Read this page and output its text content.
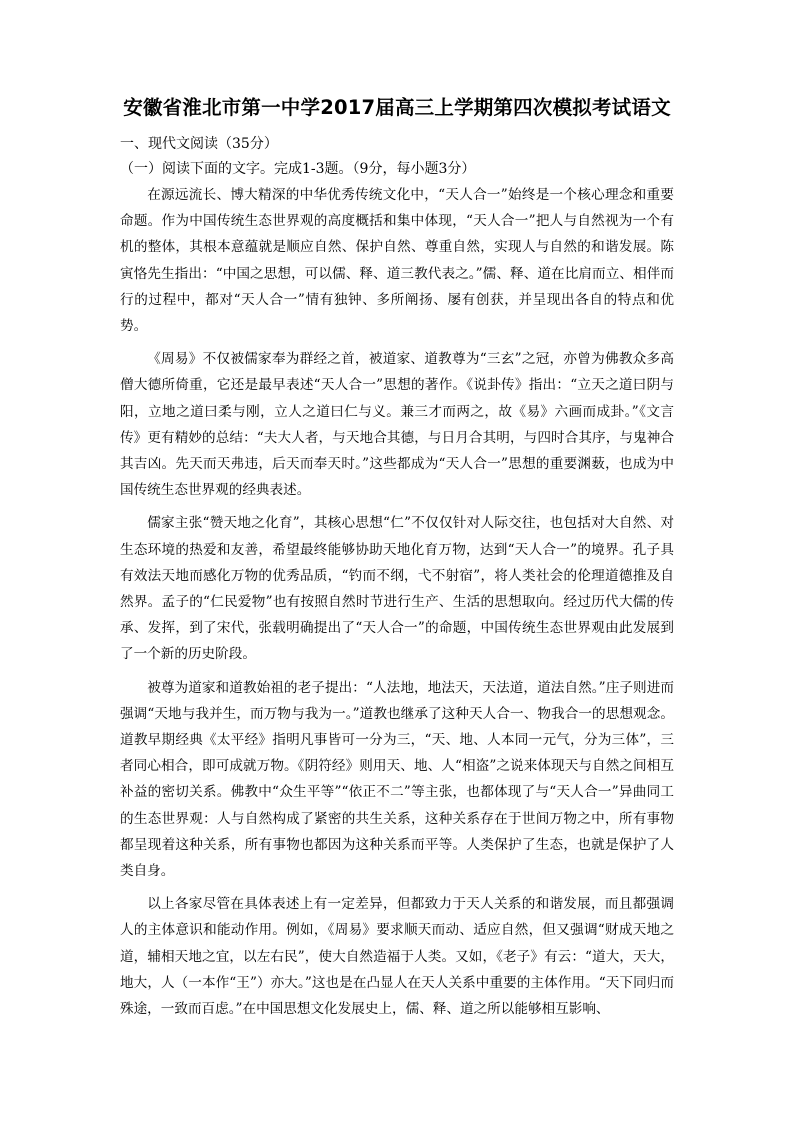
安徽省淮北市第一中学2017届高三上学期第四次模拟考试语文
一、现代文阅读（35分）
（一）阅读下面的文字。完成1-3题。（9分，每小题3分）

在源远流长、博大精深的中华优秀传统文化中，“天人合一”始终是一个核心理念和重要命题。作为中国传统生态世界观的高度概括和集中体现，“天人合一”把人与自然视为一个有机的整体，其根本意蕴就是顺应自然、保护自然、尊重自然，实现人与自然的和谐发展。陈寅恪先生指出：“中国之思想，可以儒、释、道三教代表之。”儒、释、道在比肩而立、相伴而行的过程中，都对“天人合一”情有独钟、多所阐扬、屡有创获，并呈现出各自的特点和优势。

《周易》不仅被儒家奉为群经之首，被道家、道教尊为“三玄”之冠，亦曾为佛教众多高僧大德所倚重，它还是最早表述“天人合一”思想的著作。《说卦传》指出：“立天之道曰阴与阳，立地之道曰柔与刚，立人之道曰仁与义。兼三才而两之，故《易》六画而成卦。”《文言传》更有精妙的总结：“夫大人者，与天地合其德，与日月合其明，与四时合其序，与鬼神合其吉凶。先天而天弗违，后天而奉天时。”这些都成为“天人合一”思想的重要渊薮，也成为中国传统生态世界观的经典表述。

儒家主张“赞天地之化育”，其核心思想“仁”不仅仅针对人际交往，也包括对大自然、对生态环境的热爱和友善，希望最终能够协助天地化育万物，达到“天人合一”的境界。孔子具有效法天地而感化万物的优秀品质，“钓而不纲，弋不射宿”，将人类社会的伦理道德推及自然界。孟子的“仁民爱物”也有按照自然时节进行生产、生活的思想取向。经过历代大儒的传承、发挥，到了宋代，张载明确提出了“天人合一”的命题，中国传统生态世界观由此发展到了一个新的历史阶段。

被尊为道家和道教始祖的老子提出：“人法地，地法天，天法道，道法自然。”庄子则进而强调“天地与我并生，而万物与我为一。”道教也继承了这种天人合一、物我合一的思想观念。道教早期经典《太平经》指明凡事皆可一分为三，“天、地、人本同一元气，分为三体”，三者同心相合，即可成就万物。《阴符经》则用天、地、人“相盗”之说来体现天与自然之间相互补益的密切关系。佛教中“众生平等”“依正不二”等主张，也都体现了与“天人合一”异曲同工的生态世界观：人与自然构成了紧密的共生关系，这种关系存在于世间万物之中，所有事物都呈现着这种关系，所有事物也都因为这种关系而平等。人类保护了生态，也就是保护了人类自身。

以上各家尽管在具体表述上有一定差异，但都致力于天人关系的和谐发展，而且都强调人的主体意识和能动作用。例如，《周易》要求顺天而动、适应自然，但又强调“财成天地之道，辅相天地之宜，以左右民”，使大自然造福于人类。又如，《老子》有云：“道大，天大，地大，人（一本作“王”）亦大。”这也是在凸显人在天人关系中重要的主体作用。“天下同归而殊途，一致而百虑。”在中国思想文化发展史上，儒、释、道之所以能够相互影响、
